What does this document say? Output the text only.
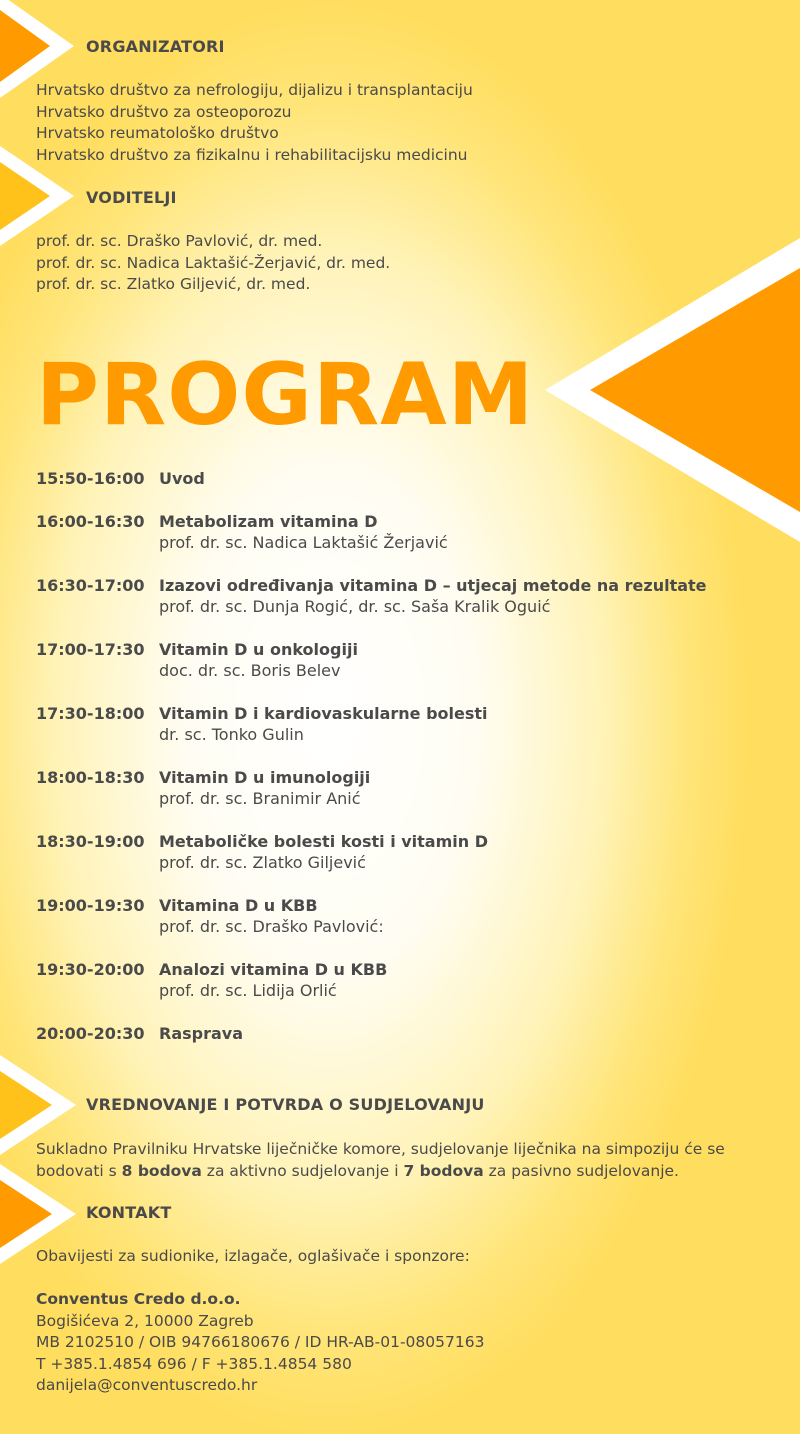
ORGANIZATORI
Hrvatsko društvo za nefrologiju, dijalizu i transplantaciju
Hrvatsko društvo za osteoporozu
Hrvatsko reumatološko društvo
Hrvatsko društvo za fizikalnu i rehabilitacijsku medicinu
VODITELJI
prof. dr. sc. Draško Pavlović, dr. med.
prof. dr. sc. Nadica Laktašić-Žerjavić, dr. med.
prof. dr. sc. Zlatko Giljević, dr. med.
PROGRAM
15:50-16:00 Uvod
16:00-16:30 Metabolizam vitamina D
prof. dr. sc. Nadica Laktašić Žerjavić
16:30-17:00 Izazovi određivanja vitamina D – utjecaj metode na rezultate
prof. dr. sc. Dunja Rogić, dr. sc. Saša Kralik Oguić
17:00-17:30 Vitamin D u onkologiji
doc. dr. sc. Boris Belev
17:30-18:00 Vitamin D i kardiovaskularne bolesti
dr. sc. Tonko Gulin
18:00-18:30 Vitamin D u imunologiji
prof. dr. sc. Branimir Anić
18:30-19:00 Metaboličke bolesti kosti i vitamin D
prof. dr. sc. Zlatko Giljević
19:00-19:30 Vitamina D u KBB
prof. dr. sc. Draško Pavlović:
19:30-20:00 Analozi vitamina D u KBB
prof. dr. sc. Lidija Orlić
20:00-20:30 Rasprava
VREDNOVANJE I POTVRDA O SUDJELOVANJU
Sukladno Pravilniku Hrvatske liječničke komore, sudjelovanje liječnika na simpoziju će se bodovati s 8 bodova za aktivno sudjelovanje i 7 bodova za pasivno sudjelovanje.
KONTAKT
Obavijesti za sudionike, izlagače, oglašivače i sponzore:
Conventus Credo d.o.o.
Bogišićeva 2, 10000 Zagreb
MB 2102510 / OIB 94766180676 / ID HR-AB-01-08057163
T +385.1.4854 696 / F +385.1.4854 580
danijela@conventuscredo.hr
